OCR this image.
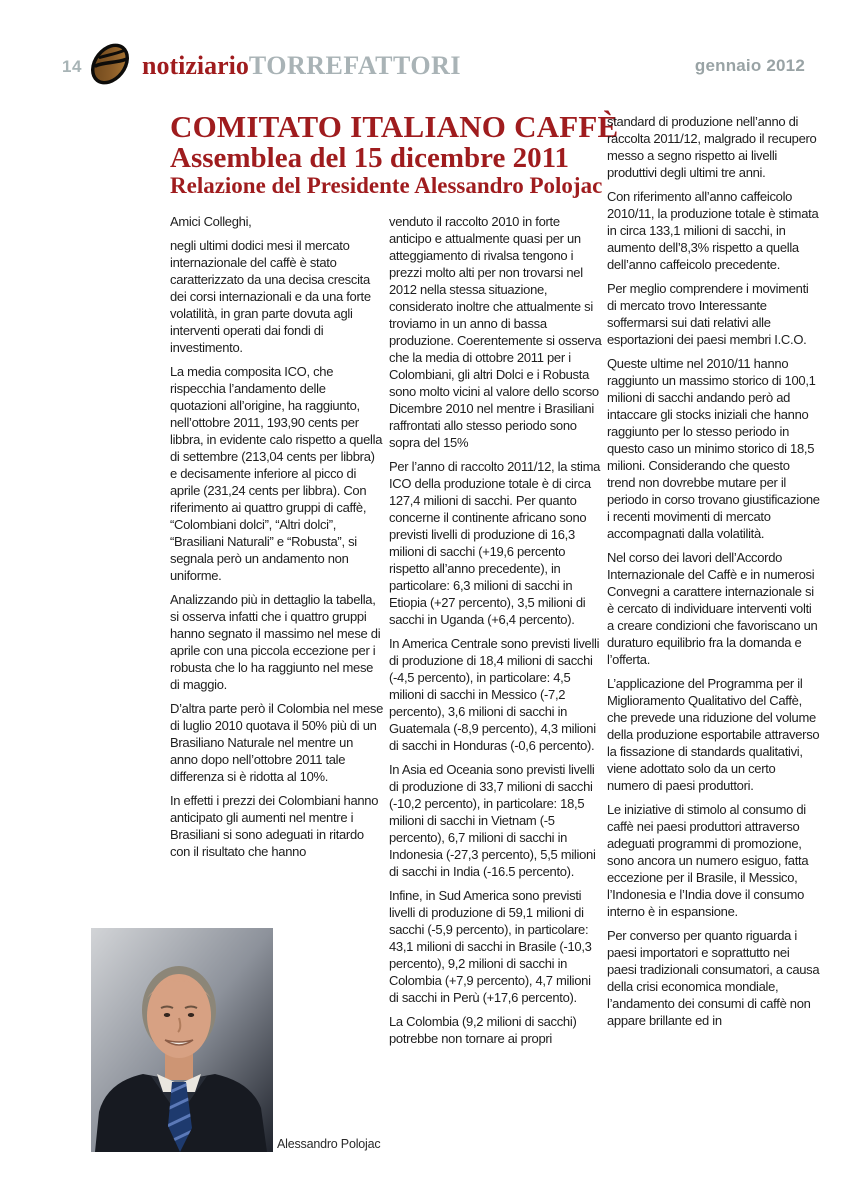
14 notiziarioTORREFATTORI	gennaio 2012
COMITATO ITALIANO CAFFÈ
Assemblea del 15 dicembre 2011
Relazione del Presidente Alessandro Polojac

Amici Colleghi,

negli ultimi dodici mesi il mercato internazionale del caffè è stato caratterizzato da una decisa crescita dei corsi internazionali e da una forte volatilità, in gran parte dovuta agli interventi operati dai fondi di investimento.

La media composita ICO, che rispecchia l’andamento delle quotazioni all’origine, ha raggiunto, nell’ottobre 2011, 193,90 cents per libbra, in evidente calo rispetto a quella di settembre (213,04 cents per libbra) e decisamente inferiore al picco di aprile (231,24 cents per libbra). Con riferimento ai quattro gruppi di caffè, “Colombiani dolci”, “Altri dolci”, “Brasiliani Naturali” e “Robusta”, si segnala però un andamento non uniforme.

Analizzando più in dettaglio la tabella, si osserva infatti che i quattro gruppi hanno segnato il massimo nel mese di aprile con una piccola eccezione per i robusta che lo ha raggiunto nel mese di maggio.

D’altra parte però il Colombia nel mese di luglio 2010 quotava il 50% più di un Brasiliano Naturale nel mentre un anno dopo nell’ottobre 2011 tale differenza si è ridotta al 10%.

In effetti i prezzi dei Colombiani hanno anticipato gli aumenti nel mentre i Brasiliani si sono adeguati in ritardo con il risultato che hanno

venduto il raccolto 2010 in forte anticipo e attualmente quasi per un atteggiamento di rivalsa tengono i prezzi molto alti per non trovarsi nel 2012 nella stessa situazione, considerato inoltre che attualmente si troviamo in un anno di bassa produzione. Coerentemente si osserva che la media di ottobre 2011 per i Colombiani, gli altri Dolci e i Robusta sono molto vicini al valore dello scorso Dicembre 2010 nel mentre i Brasiliani raffrontati allo stesso periodo sono sopra del 15%

Per l’anno di raccolto 2011/12, la stima ICO della produzione totale è di circa 127,4 milioni di sacchi. Per quanto concerne il continente africano sono previsti livelli di produzione di 16,3 milioni di sacchi (+19,6 percento rispetto all’anno precedente), in particolare: 6,3 milioni di sacchi in Etiopia (+27 percento), 3,5 milioni di sacchi in Uganda (+6,4 percento).

In America Centrale sono previsti livelli di produzione di 18,4 milioni di sacchi (-4,5 percento), in particolare: 4,5 milioni di sacchi in Messico (-7,2 percento), 3,6 milioni di sacchi in Guatemala (-8,9 percento), 4,3 milioni di sacchi in Honduras (-0,6 percento).

In Asia ed Oceania sono previsti livelli di produzione di 33,7 milioni di sacchi (-10,2 percento), in particolare: 18,5 milioni di sacchi in Vietnam (-5 percento), 6,7 milioni di sacchi in Indonesia (-27,3 percento), 5,5 milioni di sacchi in India (-16.5 percento).

Infine, in Sud America sono previsti livelli di produzione di 59,1 milioni di sacchi (-5,9 percento), in particolare: 43,1 milioni di sacchi in Brasile (-10,3 percento), 9,2 milioni di sacchi in Colombia (+7,9 percento), 4,7 milioni di sacchi in Perù (+17,6 percento).

La Colombia (9,2 milioni di sacchi) potrebbe non tornare ai propri

standard di produzione nell’anno di raccolta 2011/12, malgrado il recupero messo a segno rispetto ai livelli produttivi degli ultimi tre anni.

Con riferimento all’anno caffeicolo 2010/11, la produzione totale è stimata in circa 133,1 milioni di sacchi, in aumento dell’8,3% rispetto a quella dell’anno caffeicolo precedente.

Per meglio comprendere i movimenti di mercato trovo Interessante soffermarsi sui dati relativi alle esportazioni dei paesi membri I.C.O.

Queste ultime nel 2010/11 hanno raggiunto un massimo storico di 100,1 milioni di sacchi andando però ad intaccare gli stocks iniziali che hanno raggiunto per lo stesso periodo in questo caso un minimo storico di 18,5 milioni. Considerando che questo trend non dovrebbe mutare per il periodo in corso trovano giustificazione i recenti movimenti di mercato accompagnati dalla volatilità.

Nel corso dei lavori dell’Accordo Internazionale del Caffè e in numerosi Convegni a carattere internazionale si è cercato di individuare interventi volti a creare condizioni che favoriscano un duraturo equilibrio fra la domanda e l’offerta.

L’applicazione del Programma per il Miglioramento Qualitativo del Caffè, che prevede una riduzione del volume della produzione esportabile attraverso la fissazione di standards qualitativi, viene adottato solo da un certo numero di paesi produttori.

Le iniziative di stimolo al consumo di caffè nei paesi produttori attraverso adeguati programmi di promozione, sono ancora un numero esiguo, fatta eccezione per il Brasile, il Messico, l’Indonesia e l’India dove il consumo interno è in espansione.

Per converso per quanto riguarda i paesi importatori e soprattutto nei paesi tradizionali consumatori, a causa della crisi economica mondiale, l’andamento dei consumi di caffè non appare brillante ed in

Alessandro Polojac
